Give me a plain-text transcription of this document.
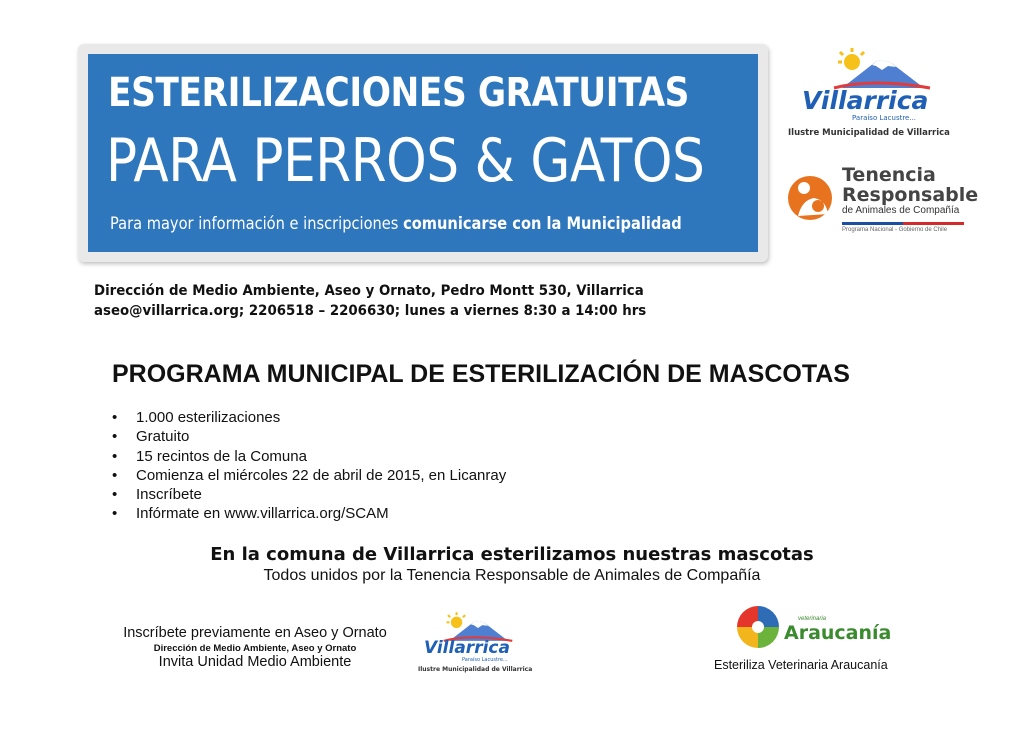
ESTERILIZACIONES GRATUITAS
PARA PERROS & GATOS
Para mayor información e inscripciones comunicarse con la Municipalidad
Villarrica
Paraíso Lacustre...
Ilustre Municipalidad de Villarrica
Tenencia
Responsable
de Animales de Compañía
Programa Nacional - Gobierno de Chile
Dirección de Medio Ambiente, Aseo y Ornato, Pedro Montt 530, Villarrica
aseo@villarrica.org; 2206518 – 2206630; lunes a viernes 8:30 a 14:00 hrs
PROGRAMA MUNICIPAL DE ESTERILIZACIÓN DE MASCOTAS
• 1.000 esterilizaciones
• Gratuito
• 15 recintos de la Comuna
• Comienza el miércoles 22 de abril de 2015, en Licanray
• Inscríbete
• Infórmate en www.villarrica.org/SCAM
En la comuna de Villarrica esterilizamos nuestras mascotas
Todos unidos por la Tenencia Responsable de Animales de Compañía
Inscríbete previamente en Aseo y Ornato
Dirección de Medio Ambiente, Aseo y Ornato
Invita Unidad Medio Ambiente
Villarrica
Paraíso Lacustre...
Ilustre Municipalidad de Villarrica
veterinaria
Araucanía
Esteriliza Veterinaria Araucanía
